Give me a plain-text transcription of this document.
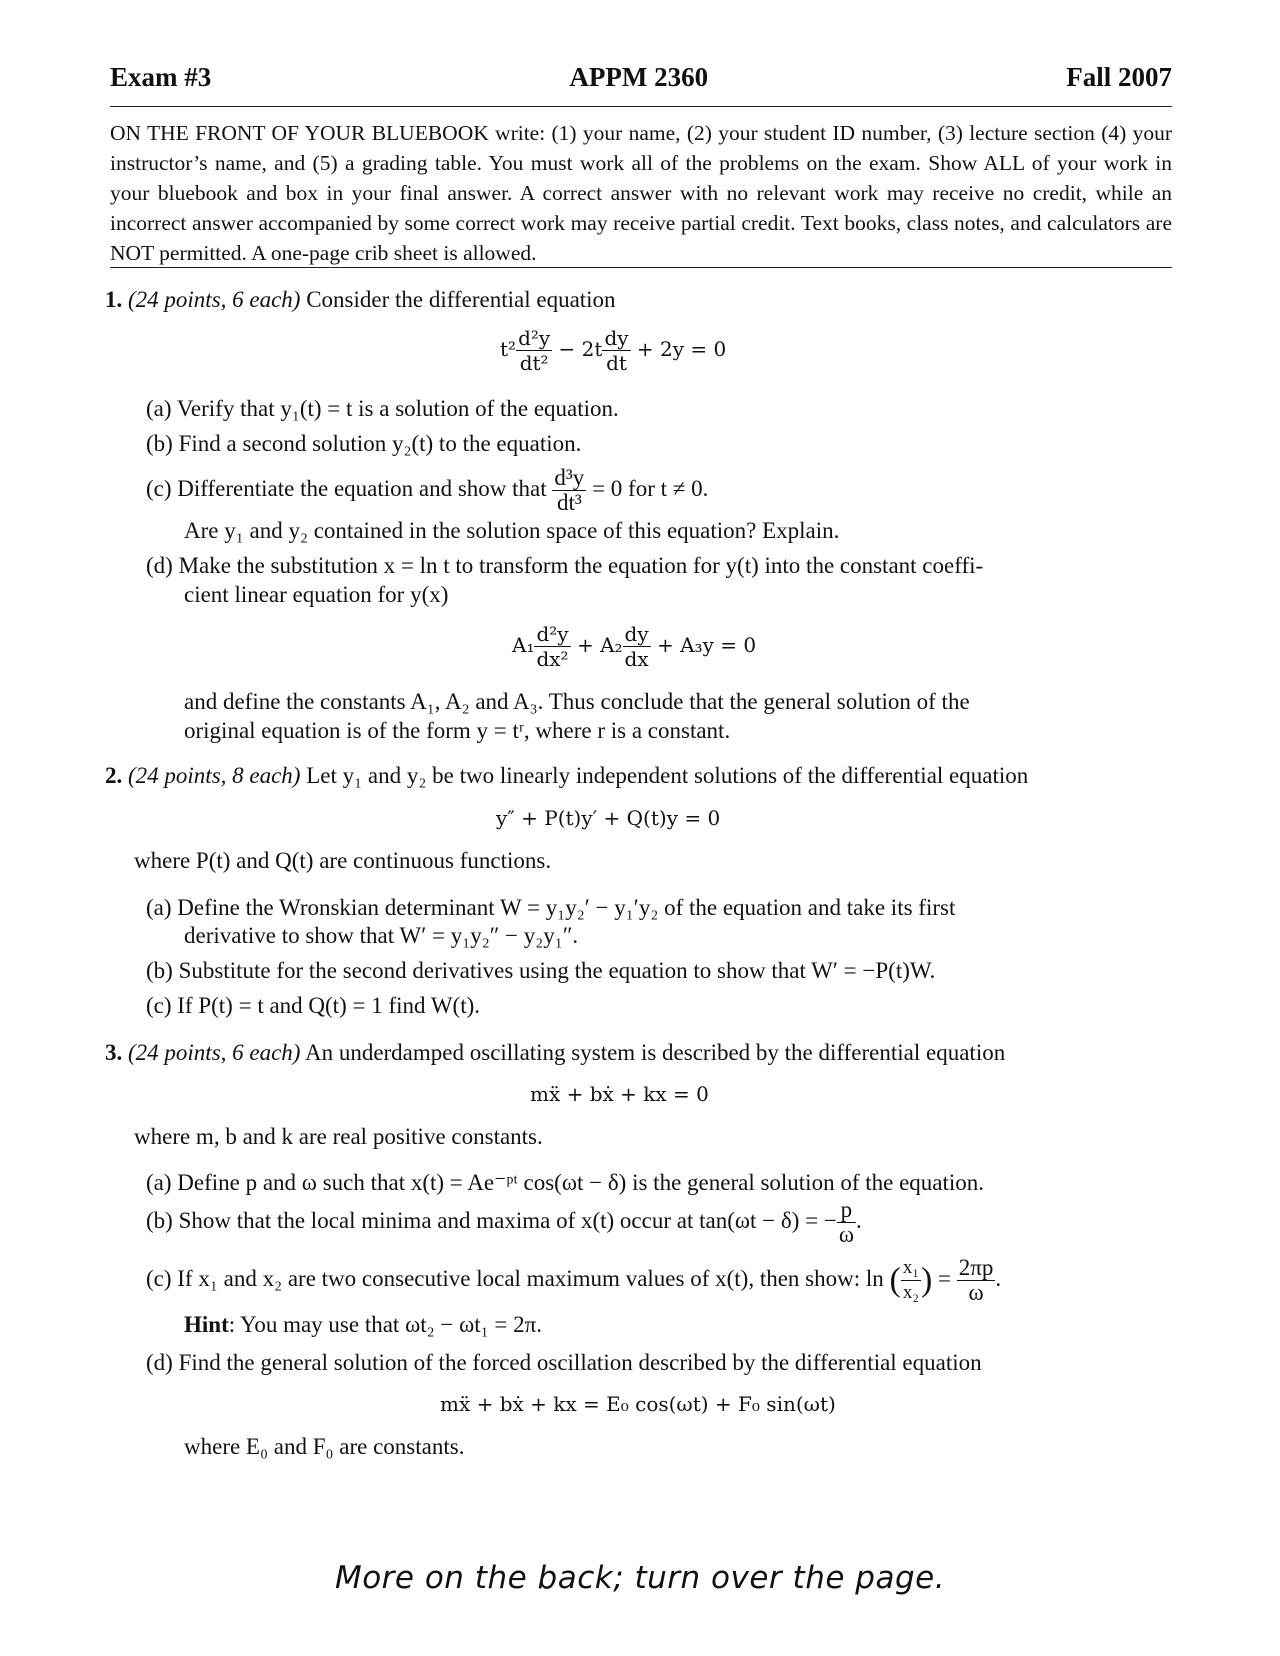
Exam #3	APPM 2360	Fall 2007
ON THE FRONT OF YOUR BLUEBOOK write: (1) your name, (2) your student ID number, (3) lecture section (4) your instructor’s name, and (5) a grading table. You must work all of the problems on the exam. Show ALL of your work in your bluebook and box in your final answer. A correct answer with no relevant work may receive no credit, while an incorrect answer accompanied by some correct work may receive partial credit. Text books, class notes, and calculators are NOT permitted. A one-page crib sheet is allowed.
1. (24 points, 6 each) Consider the differential equation
$t^2 \frac{\text{d²y}}{\text{dt²}} - 2t \frac{dy}{dt} + 2y = 0$
(a) Verify that y₁(t) = t is a solution of the equation.
(b) Find a second solution y₂(t) to the equation.
(c) Differentiate the equation and show that $\frac{\text{d³y}}{\text{dt³}} = 0$ for t ≠ 0.
Are y₁ and y₂ contained in the solution space of this equation? Explain.
(d) Make the substitution x = ln t to transform the equation for y(t) into the constant coeffi-
cient linear equation for y(x)
$A_1 \frac{\text{d²y}}{\text{dx²}} + A_2 \frac{dy}{dx} + A_3y = 0$
and define the constants A₁, A₂ and A₃. Thus conclude that the general solution of the
original equation is of the form y = tʳ, where r is a constant.
2. (24 points, 8 each) Let y₁ and y₂ be two linearly independent solutions of the differential equation
y″ + P(t)y′ + Q(t)y = 0
where P(t) and Q(t) are continuous functions.
(a) Define the Wronskian determinant W = y₁y₂′ − y₁′y₂ of the equation and take its first
derivative to show that W′ = y₁y₂″ − y₂y₁″.
(b) Substitute for the second derivatives using the equation to show that W′ = −P(t)W.
(c) If P(t) = t and Q(t) = 1 find W(t).
3. (24 points, 6 each) An underdamped oscillating system is described by the differential equation
mẍ + bẋ + kx = 0
where m, b and k are real positive constants.
(a) Define p and ω such that x(t) = Ae⁻ᵖᵗ cos(ωt − δ) is the general solution of the equation.
(b) Show that the local minima and maxima of x(t) occur at tan(ωt − δ) = − $\frac{p}{\omega}$ .
(c) If x₁ and x₂ are two consecutive local maximum values of x(t), then show: ln ( $\frac{\text{x₁}}{\text{x₂}}$ ) = $\frac{2\pi p}{\omega}$ .
Hint: You may use that ωt₂ − ωt₁ = 2π.
(d) Find the general solution of the forced oscillation described by the differential equation
mẍ + bẋ + kx = E₀ cos(ωt) + F₀ sin(ωt)
where E₀ and F₀ are constants.
More on the back; turn over the page.
